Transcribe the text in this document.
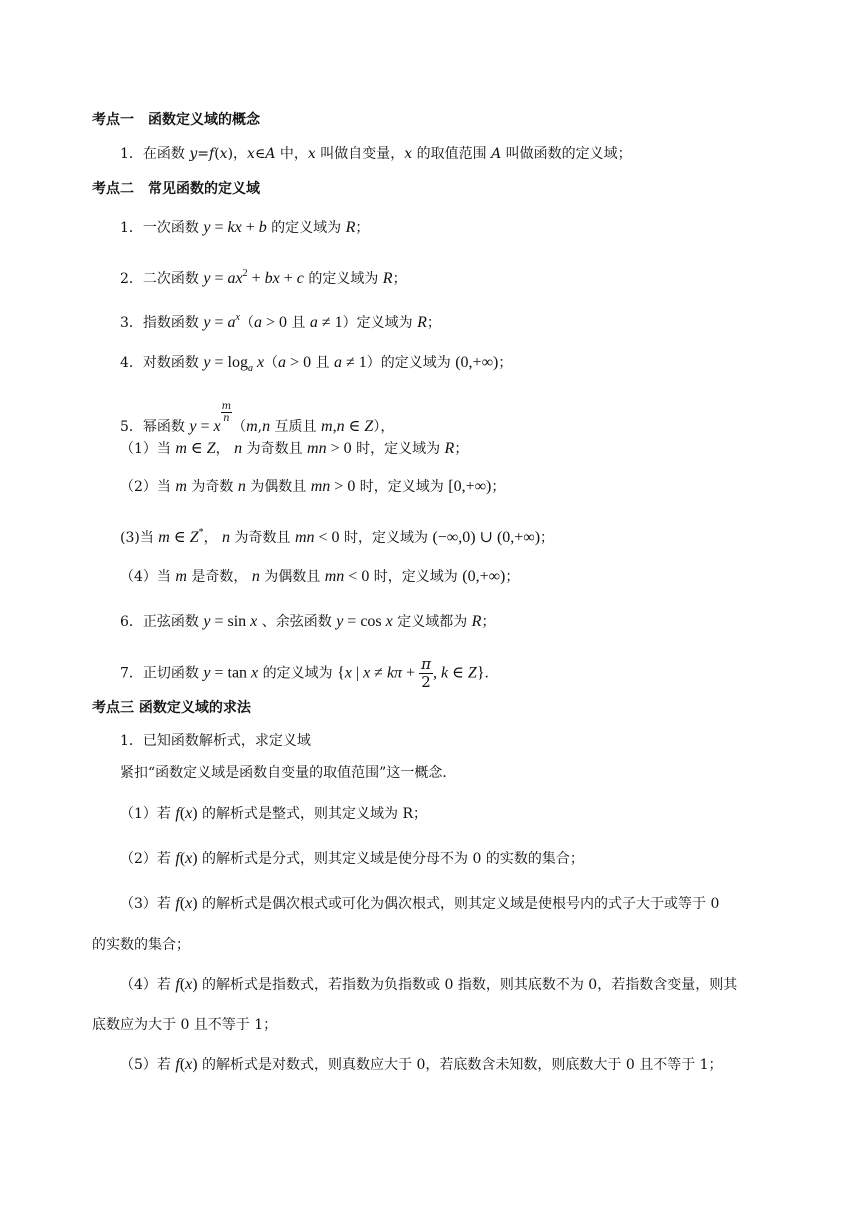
考点一　函数定义域的概念
1．在函数 y=f(x)，x∈A 中，x 叫做自变量，x 的取值范围 A 叫做函数的定义域；
考点二　常见函数的定义域
1．一次函数 y = kx + b 的定义域为 R；
2．二次函数 $y = ax^2$ + bx + c 的定义域为 R；
3．指数函数 $y = a^x(a > 0$ 且 a ≠ 1）定义域为 R；
4．对数函数 $y = \log_a x(a > 0$ 且 a ≠ 1）的定义域为 (0,+∞)；
5．幂函数 y = x
$\frac{m}{n}$
（m,n 互质且 m,n ∈ Z），
（1）当 m ∈ Z， n 为奇数且 mn > 0 时，定义域为 R；
（2）当 m 为奇数 n 为偶数且 mn > 0 时，定义域为 [0,+∞)；
(3)当 m ∈ Z*， n 为奇数且 mn < 0 时，定义域为 (−∞,0) ∪ (0,+∞)；
（4）当 m 是奇数， n 为偶数且 mn < 0 时，定义域为 (0,+∞)；
6．正弦函数 y = sin x 、余弦函数 y = cos x 定义域都为 R；
7．正切函数 y = tan x 的定义域为 {x | $x \ne k\pi + \frac{\pi}{2}$ , k ∈ Z}．
考点三 函数定义域的求法
1．已知函数解析式，求定义域
紧扣“函数定义域是函数自变量的取值范围”这一概念．
（1）若 f(x) 的解析式是整式，则其定义域为 R；
（2）若 f(x) 的解析式是分式，则其定义域是使分母不为 0 的实数的集合；
（3）若 f(x) 的解析式是偶次根式或可化为偶次根式，则其定义域是使根号内的式子大于或等于 0
的实数的集合；
（4）若 f(x) 的解析式是指数式，若指数为负指数或 0 指数，则其底数不为 0，若指数含变量，则其
底数应为大于 0 且不等于 1；
（5）若 f(x) 的解析式是对数式，则真数应大于 0，若底数含未知数，则底数大于 0 且不等于 1；
